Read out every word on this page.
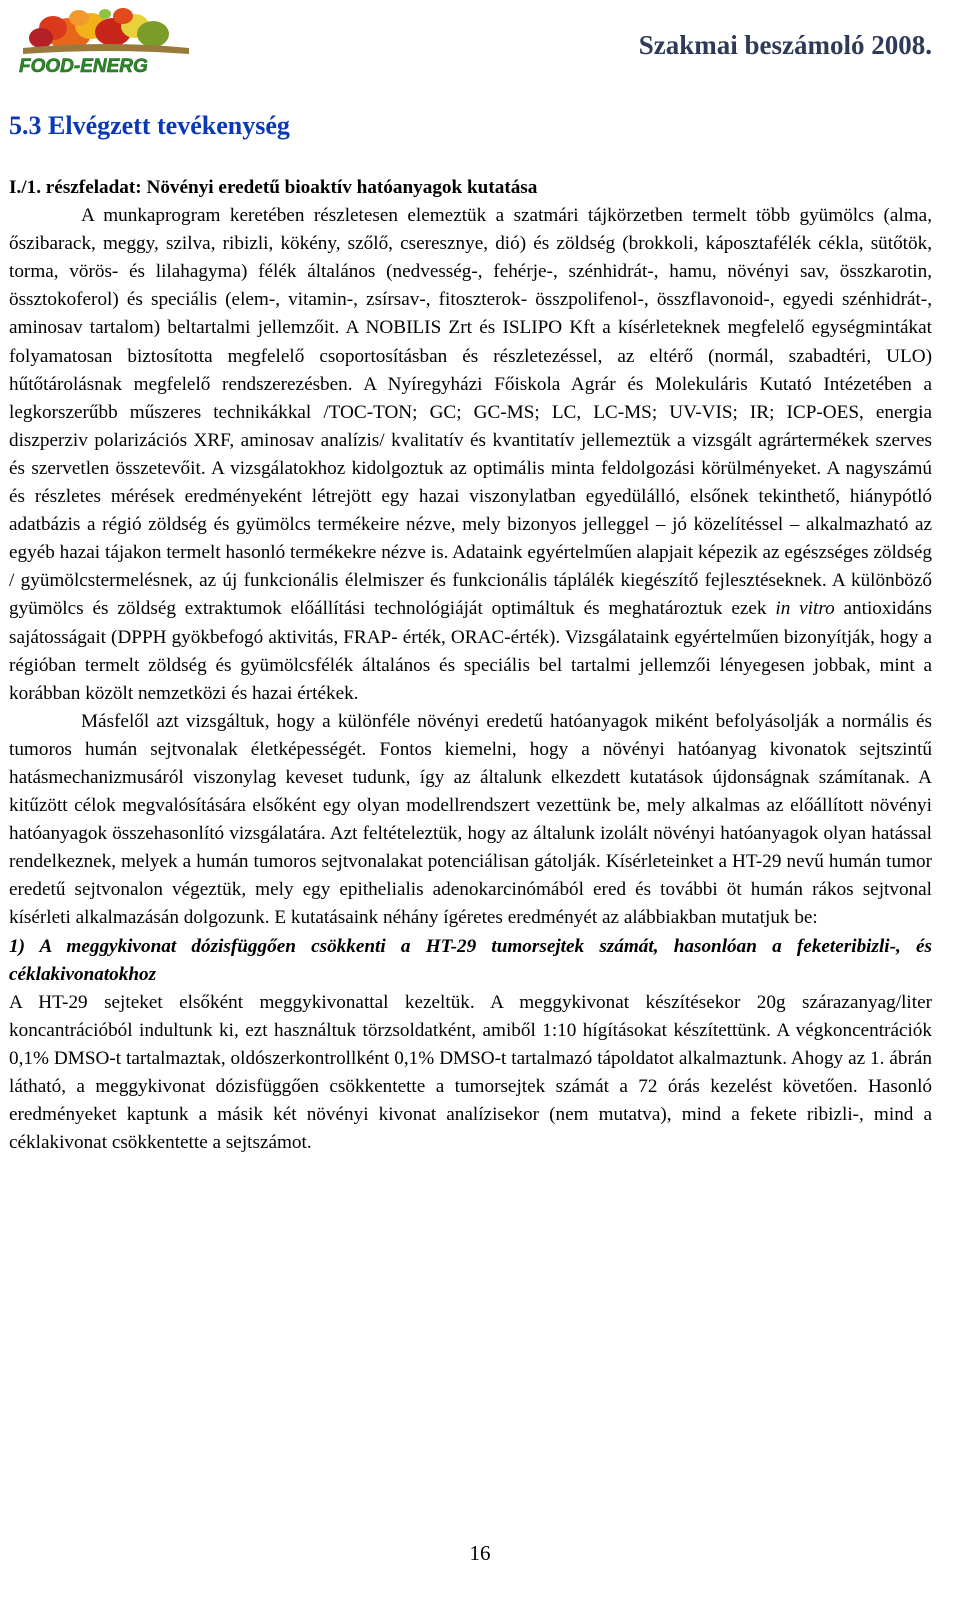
FOOD-ENERG
Szakmai beszámoló 2008.
5.3 Elvégzett tevékenység

I./1. részfeladat: Növényi eredetű bioaktív hatóanyagok kutatása

A munkaprogram keretében részletesen elemeztük a szatmári tájkörzetben termelt több gyümölcs (alma, őszibarack, meggy, szilva, ribizli, kökény, szőlő, cseresznye, dió) és zöldség (brokkoli, káposztafélék cékla, sütőtök, torma, vörös- és lilahagyma) félék általános (nedvesség-, fehérje-, szénhidrát-, hamu, növényi sav, összkarotin, össztokoferol) és speciális (elem-, vitamin-, zsírsav-, fitoszterok- összpolifenol-, összflavonoid-, egyedi szénhidrát-, aminosav tartalom) beltartalmi jellemzőit. A NOBILIS Zrt és ISLIPO Kft a kísérleteknek megfelelő egységmintákat folyamatosan biztosította megfelelő csoportosításban és részletezéssel, az eltérő (normál, szabadtéri, ULO) hűtőtárolásnak megfelelő rendszerezésben. A Nyíregyházi Főiskola Agrár és Molekuláris Kutató Intézetében a legkorszerűbb műszeres technikákkal /TOC-TON; GC; GC-MS; LC, LC-MS; UV-VIS; IR; ICP-OES, energia diszperziv polarizációs XRF, aminosav analízis/ kvalitatív és kvantitatív jellemeztük a vizsgált agrártermékek szerves és szervetlen összetevőit. A vizsgálatokhoz kidolgoztuk az optimális minta feldolgozási körülményeket. A nagyszámú és részletes mérések eredményeként létrejött egy hazai viszonylatban egyedülálló, elsőnek tekinthető, hiánypótló adatbázis a régió zöldség és gyümölcs termékeire nézve, mely bizonyos jelleggel – jó közelítéssel – alkalmazható az egyéb hazai tájakon termelt hasonló termékekre nézve is. Adataink egyértelműen alapjait képezik az egészséges zöldség / gyümölcstermelésnek, az új funkcionális élelmiszer és funkcionális táplálék kiegészítő fejlesztéseknek. A különböző gyümölcs és zöldség extraktumok előállítási technológiáját optimáltuk és meghatároztuk ezek in vitro antioxidáns sajátosságait (DPPH gyökbefogó aktivitás, FRAP- érték, ORAC-érték). Vizsgálataink egyértelműen bizonyítják, hogy a régióban termelt zöldség és gyümölcsfélék általános és speciális bel tartalmi jellemzői lényegesen jobbak, mint a korábban közölt nemzetközi és hazai értékek.

Másfelől azt vizsgáltuk, hogy a különféle növényi eredetű hatóanyagok miként befolyásolják a normális és tumoros humán sejtvonalak életképességét. Fontos kiemelni, hogy a növényi hatóanyag kivonatok sejtszintű hatásmechanizmusáról viszonylag keveset tudunk, így az általunk elkezdett kutatások újdonságnak számítanak. A kitűzött célok megvalósítására elsőként egy olyan modellrendszert vezettünk be, mely alkalmas az előállított növényi hatóanyagok összehasonlító vizsgálatára. Azt feltételeztük, hogy az általunk izolált növényi hatóanyagok olyan hatással rendelkeznek, melyek a humán tumoros sejtvonalakat potenciálisan gátolják. Kísérleteinket a HT-29 nevű humán tumor eredetű sejtvonalon végeztük, mely egy epithelialis adenokarcinómából ered és további öt humán rákos sejtvonal kísérleti alkalmazásán dolgozunk. E kutatásaink néhány ígéretes eredményét az alábbiakban mutatjuk be:

1) A meggykivonat dózisfüggően csökkenti a HT-29 tumorsejtek számát, hasonlóan a feketeribizli-, és céklakivonatokhoz

A HT-29 sejteket elsőként meggykivonattal kezeltük. A meggykivonat készítésekor 20g szárazanyag/liter koncantrációból indultunk ki, ezt használtuk törzsoldatként, amiből 1:10 hígításokat készítettünk. A végkoncentrációk 0,1% DMSO-t tartalmaztak, oldószerkontrollként 0,1% DMSO-t tartalmazó tápoldatot alkalmaztunk. Ahogy az 1. ábrán látható, a meggykivonat dózisfüggően csökkentette a tumorsejtek számát a 72 órás kezelést követően. Hasonló eredményeket kaptunk a másik két növényi kivonat analízisekor (nem mutatva), mind a fekete ribizli-, mind a céklakivonat csökkentette a sejtszámot.

16
